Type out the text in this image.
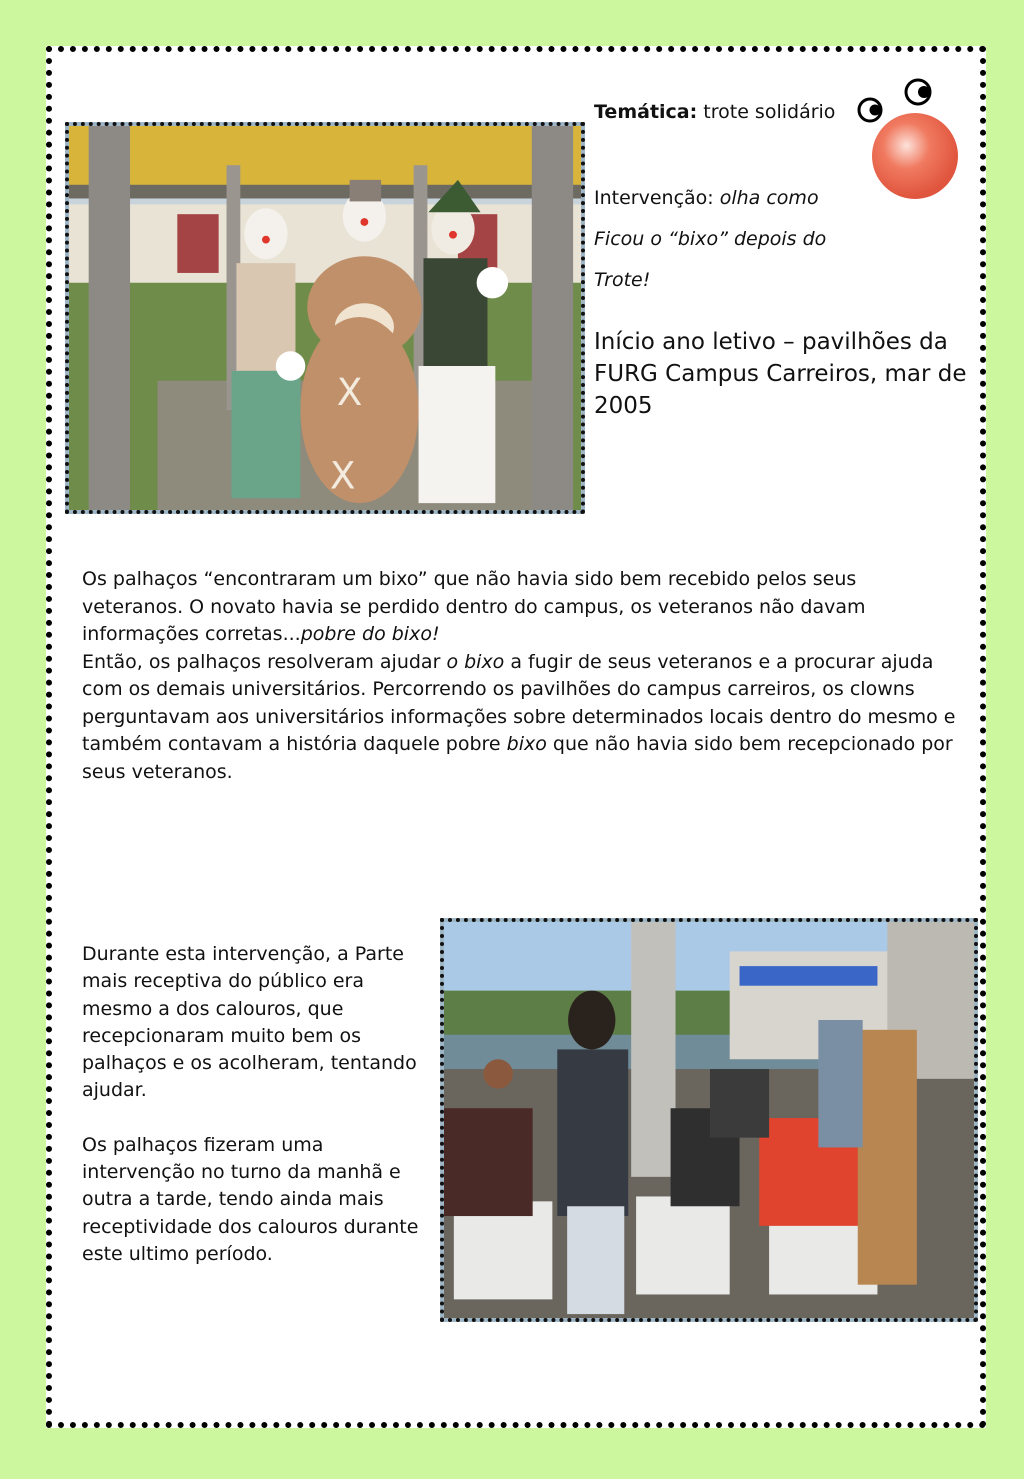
X
X
Temática: trote solidário
Intervenção: olha como
Ficou o “bixo” depois do
Trote!
Início ano letivo – pavilhões da FURG Campus Carreiros, mar de 2005

Os palhaços “encontraram um bixo” que não havia sido bem recebido pelos seus veteranos. O novato havia se perdido dentro do campus, os veteranos não davam informações corretas...pobre do bixo!

Então, os palhaços resolveram ajudar o bixo a fugir de seus veteranos e a procurar ajuda com os demais universitários. Percorrendo os pavilhões do campus carreiros, os clowns perguntavam aos universitários informações sobre determinados locais dentro do mesmo e também contavam a história daquele pobre bixo que não havia sido bem recepcionado por seus veteranos.

Durante esta intervenção, a Parte mais receptiva do público era mesmo a dos calouros, que recepcionaram muito bem os palhaços e os acolheram, tentando ajudar.

Os palhaços fizeram uma intervenção no turno da manhã e outra a tarde, tendo ainda mais receptividade dos calouros durante este ultimo período.
